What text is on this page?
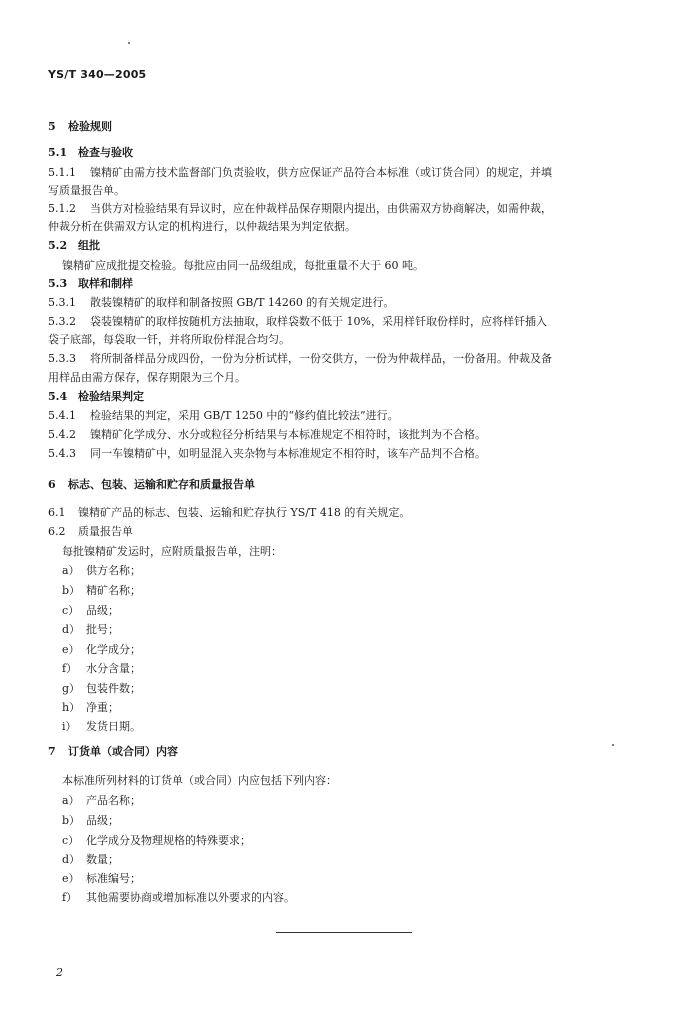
YS/T 340—2005
5 检验规则
5.1 检查与验收
5.1.1 镍精矿由需方技术监督部门负责验收，供方应保证产品符合本标准（或订货合同）的规定，并填
写质量报告单。
5.1.2 当供方对检验结果有异议时，应在仲裁样品保存期限内提出，由供需双方协商解决，如需仲裁，
仲裁分析在供需双方认定的机构进行，以仲裁结果为判定依据。
5.2 组批
镍精矿应成批提交检验。每批应由同一品级组成，每批重量不大于 60 吨。
5.3 取样和制样
5.3.1 散装镍精矿的取样和制备按照 GB/T 14260 的有关规定进行。
5.3.2 袋装镍精矿的取样按随机方法抽取，取样袋数不低于 10%，采用样钎取份样时，应将样钎插入
袋子底部，每袋取一钎，并将所取份样混合均匀。
5.3.3 将所制备样品分成四份，一份为分析试样，一份交供方，一份为仲裁样品，一份备用。仲裁及备
用样品由需方保存，保存期限为三个月。
5.4 检验结果判定
5.4.1 检验结果的判定，采用 GB/T 1250 中的“修约值比较法”进行。
5.4.2 镍精矿化学成分、水分或粒径分析结果与本标准规定不相符时，该批判为不合格。
5.4.3 同一车镍精矿中，如明显混入夹杂物与本标准规定不相符时，该车产品判不合格。
6 标志、包装、运输和贮存和质量报告单
6.1 镍精矿产品的标志、包装、运输和贮存执行 YS/T 418 的有关规定。
6.2 质量报告单
每批镍精矿发运时，应附质量报告单，注明：
a） 供方名称；
b） 精矿名称；
c） 品级；
d） 批号；
e） 化学成分；
f） 水分含量；
g） 包装件数；
h） 净重；
i） 发货日期。
7 订货单（或合同）内容
本标准所列材料的订货单（或合同）内应包括下列内容：
a） 产品名称；
b） 品级；
c） 化学成分及物理规格的特殊要求；
d） 数量；
e） 标准编号；
f） 其他需要协商或增加标准以外要求的内容。
2
